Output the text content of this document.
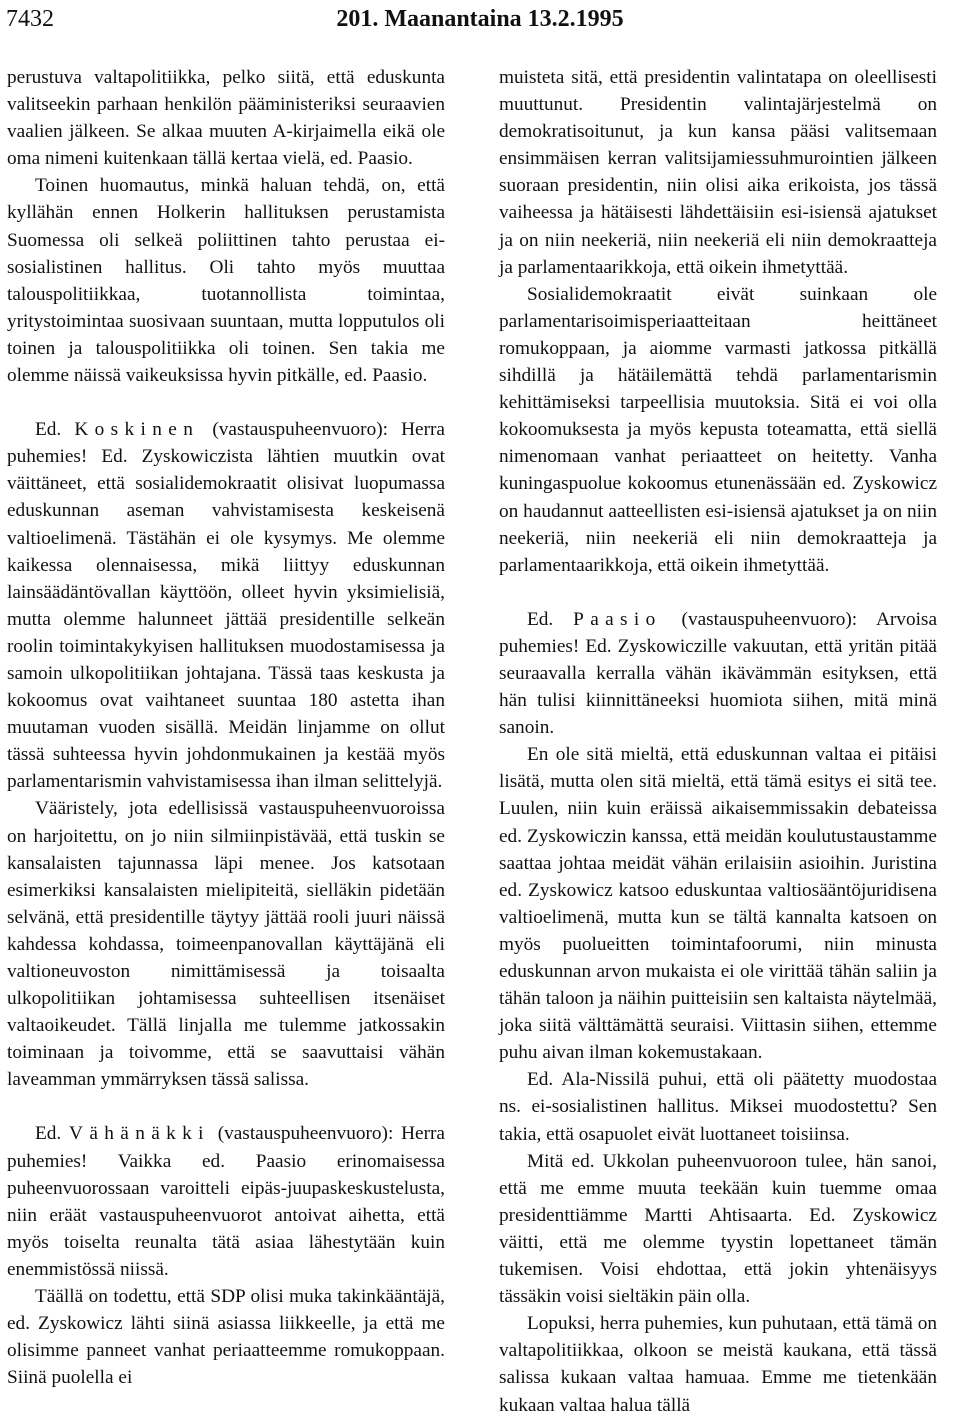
7432	201. Maanantaina 13.2.1995

perustuva valtapolitiikka, pelko siitä, että eduskunta valitseekin parhaan henkilön pääministeriksi seuraavien vaalien jälkeen. Se alkaa muuten A-kirjaimella eikä ole oma nimeni kuitenkaan tällä kertaa vielä, ed. Paasio.

Toinen huomautus, minkä haluan tehdä, on, että kyllähän ennen Holkerin hallituksen perustamista Suomessa oli selkeä poliittinen tahto perustaa ei-sosialistinen hallitus. Oli tahto myös muuttaa talouspolitiikkaa, tuotannollista toimintaa, yritystoimintaa suosivaan suuntaan, mutta lopputulos oli toinen ja talouspolitiikka oli toinen. Sen takia me olemme näissä vaikeuksissa hyvin pitkälle, ed. Paasio.

Ed. Koskinen (vastauspuheenvuoro): Herra puhemies! Ed. Zyskowiczista lähtien muutkin ovat väittäneet, että sosialidemokraatit olisivat luopumassa eduskunnan aseman vahvistamisesta keskeisenä valtioelimenä. Tästähän ei ole kysymys. Me olemme kaikessa olennaisessa, mikä liittyy eduskunnan lainsäädäntövallan käyttöön, olleet hyvin yksimielisiä, mutta olemme halunneet jättää presidentille selkeän roolin toimintakykyisen hallituksen muodostamisessa ja samoin ulkopolitiikan johtajana. Tässä taas keskusta ja kokoomus ovat vaihtaneet suuntaa 180 astetta ihan muutaman vuoden sisällä. Meidän linjamme on ollut tässä suhteessa hyvin johdonmukainen ja kestää myös parlamentarismin vahvistamisessa ihan ilman selittelyjä.

Vääristely, jota edellisissä vastauspuheenvuoroissa on harjoitettu, on jo niin silmiinpistävää, että tuskin se kansalaisten tajunnassa läpi menee. Jos katsotaan esimerkiksi kansalaisten mielipiteitä, sielläkin pidetään selvänä, että presidentille täytyy jättää rooli juuri näissä kahdessa kohdassa, toimeenpanovallan käyttäjänä eli valtioneuvoston nimittämisessä ja toisaalta ulkopolitiikan johtamisessa suhteellisen itsenäiset valtaoikeudet. Tällä linjalla me tulemme jatkossakin toiminaan ja toivomme, että se saavuttaisi vähän laveamman ymmärryksen tässä salissa.

Ed. Vähänäkki (vastauspuheenvuoro): Herra puhemies! Vaikka ed. Paasio erinomaisessa puheenvuorossaan varoitteli eipäs-juupaskeskustelusta, niin eräät vastauspuheenvuorot antoivat aihetta, että myös toiselta reunalta tätä asiaa lähestytään kuin enemmistössä niissä.

Täällä on todettu, että SDP olisi muka takinkääntäjä, ed. Zyskowicz lähti siinä asiassa liikkeelle, ja että me olisimme panneet vanhat periaatteemme romukoppaan. Siinä puolella ei

muisteta sitä, että presidentin valintatapa on oleellisesti muuttunut. Presidentin valintajärjestelmä on demokratisoitunut, ja kun kansa pääsi valitsemaan ensimmäisen kerran valitsijamiessuhmurointien jälkeen suoraan presidentin, niin olisi aika erikoista, jos tässä vaiheessa ja hätäisesti lähdettäisiin esi-isiensä ajatukset ja on niin neekeriä, niin neekeriä eli niin demokraatteja ja parlamentaarikkoja, että oikein ihmetyttää.

Sosialidemokraatit eivät suinkaan ole parlamentarisoimisperiaatteitaan heittäneet romukoppaan, ja aiomme varmasti jatkossa pitkällä sihdillä ja hätäilemättä tehdä parlamentarismin kehittämiseksi tarpeellisia muutoksia. Sitä ei voi olla kokoomuksesta ja myös kepusta toteamatta, että siellä nimenomaan vanhat periaatteet on heitetty. Vanha kuningaspuolue kokoomus etunenässään ed. Zyskowicz on haudannut aatteellisten esi-isiensä ajatukset ja on niin neekeriä, niin neekeriä eli niin demokraatteja ja parlamentaarikkoja, että oikein ihmetyttää.

Ed. Paasio (vastauspuheenvuoro): Arvoisa puhemies! Ed. Zyskowiczille vakuutan, että yritän pitää seuraavalla kerralla vähän ikävämmän esityksen, että hän tulisi kiinnittäneeksi huomiota siihen, mitä minä sanoin.

En ole sitä mieltä, että eduskunnan valtaa ei pitäisi lisätä, mutta olen sitä mieltä, että tämä esitys ei sitä tee. Luulen, niin kuin eräissä aikaisemmissakin debateissa ed. Zyskowiczin kanssa, että meidän koulutustaustamme saattaa johtaa meidät vähän erilaisiin asioihin. Juristina ed. Zyskowicz katsoo eduskuntaa valtiosääntöjuridisena valtioelimenä, mutta kun se tältä kannalta katsoen on myös puolueitten toimintafoorumi, niin minusta eduskunnan arvon mukaista ei ole virittää tähän saliin ja tähän taloon ja näihin puitteisiin sen kaltaista näytelmää, joka siitä välttämättä seuraisi. Viittasin siihen, ettemme puhu aivan ilman kokemustakaan.

Ed. Ala-Nissilä puhui, että oli päätetty muodostaa ns. ei-sosialistinen hallitus. Miksei muodostettu? Sen takia, että osapuolet eivät luottaneet toisiinsa.

Mitä ed. Ukkolan puheenvuoroon tulee, hän sanoi, että me emme muuta teekään kuin tuemme omaa presidenttiämme Martti Ahtisaarta. Ed. Zyskowicz väitti, että me olemme tyystin lopettaneet tämän tukemisen. Voisi ehdottaa, että jokin yhtenäisyys tässäkin voisi sieltäkin päin olla.

Lopuksi, herra puhemies, kun puhutaan, että tämä on valtapolitiikkaa, olkoon se meistä kaukana, että tässä salissa kukaan valtaa hamuaa. Emme me tietenkään kukaan valtaa halua tällä
